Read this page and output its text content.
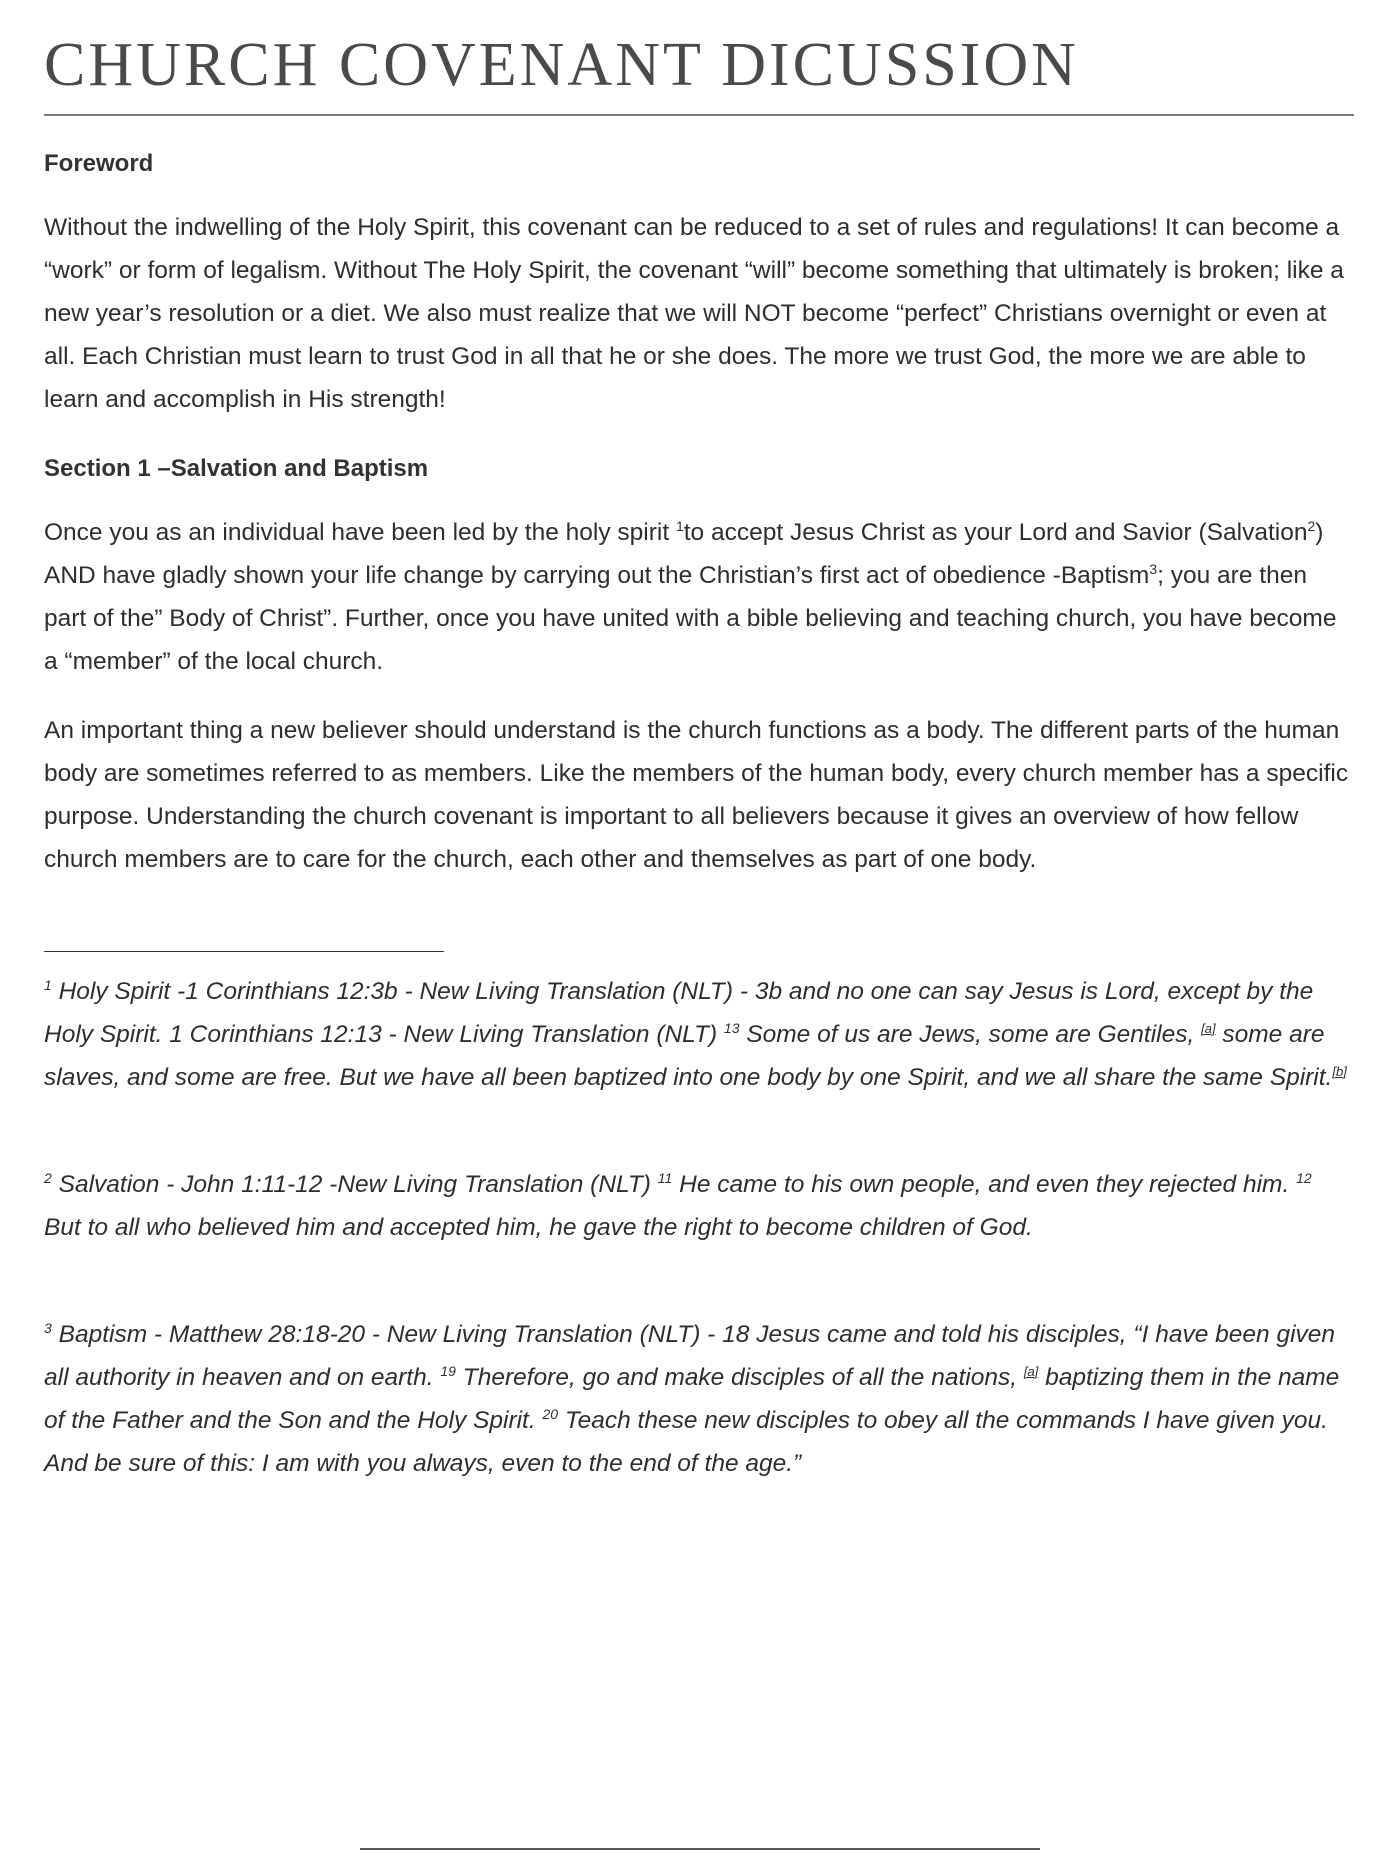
CHURCH COVENANT DICUSSION
Foreword

Without the indwelling of the Holy Spirit, this covenant can be reduced to a set of rules and regulations! It can become a “work” or form of legalism. Without The Holy Spirit, the covenant “will” become something that ultimately is broken; like a new year’s resolution or a diet. We also must realize that we will NOT become “perfect” Christians overnight or even at all. Each Christian must learn to trust God in all that he or she does. The more we trust God, the more we are able to learn and accomplish in His strength!

Section 1 –Salvation and Baptism

Once you as an individual have been led by the holy spirit $^1$to accept Jesus Christ as your Lord and Savior (Salvation$^2$) AND have gladly shown your life change by carrying out the Christian’s first act of obedience -Baptism$^3$; you are then part of the” Body of Christ”. Further, once you have united with a bible believing and teaching church, you have become a “member” of the local church.

An important thing a new believer should understand is the church functions as a body. The different parts of the human body are sometimes referred to as members. Like the members of the human body, every church member has a specific purpose. Understanding the church covenant is important to all believers because it gives an overview of how fellow church members are to care for the church, each other and themselves as part of one body.

$^1$ Holy Spirit -1 Corinthians 12:3b - New Living Translation (NLT) - 3b and no one can say Jesus is Lord, except by the Holy Spirit. 1 Corinthians 12:13 - New Living Translation (NLT) $^{13}$ Some of us are Jews, some are Gentiles, [a] some are slaves, and some are free. But we have all been baptized into one body by one Spirit, and we all share the same Spirit.[b]

$^2$ Salvation - John 1:11-12 -New Living Translation (NLT) $^{11}$ He came to his own people, and even they rejected him. $^{12}$ But to all who believed him and accepted him, he gave the right to become children of God.

$^3$ Baptism - Matthew 28:18-20 - New Living Translation (NLT) - 18 Jesus came and told his disciples, “I have been given all authority in heaven and on earth. $^{19}$ Therefore, go and make disciples of all the nations, [a] baptizing them in the name of the Father and the Son and the Holy Spirit. $^{20}$ Teach these new disciples to obey all the commands I have given you. And be sure of this: I am with you always, even to the end of the age.”
